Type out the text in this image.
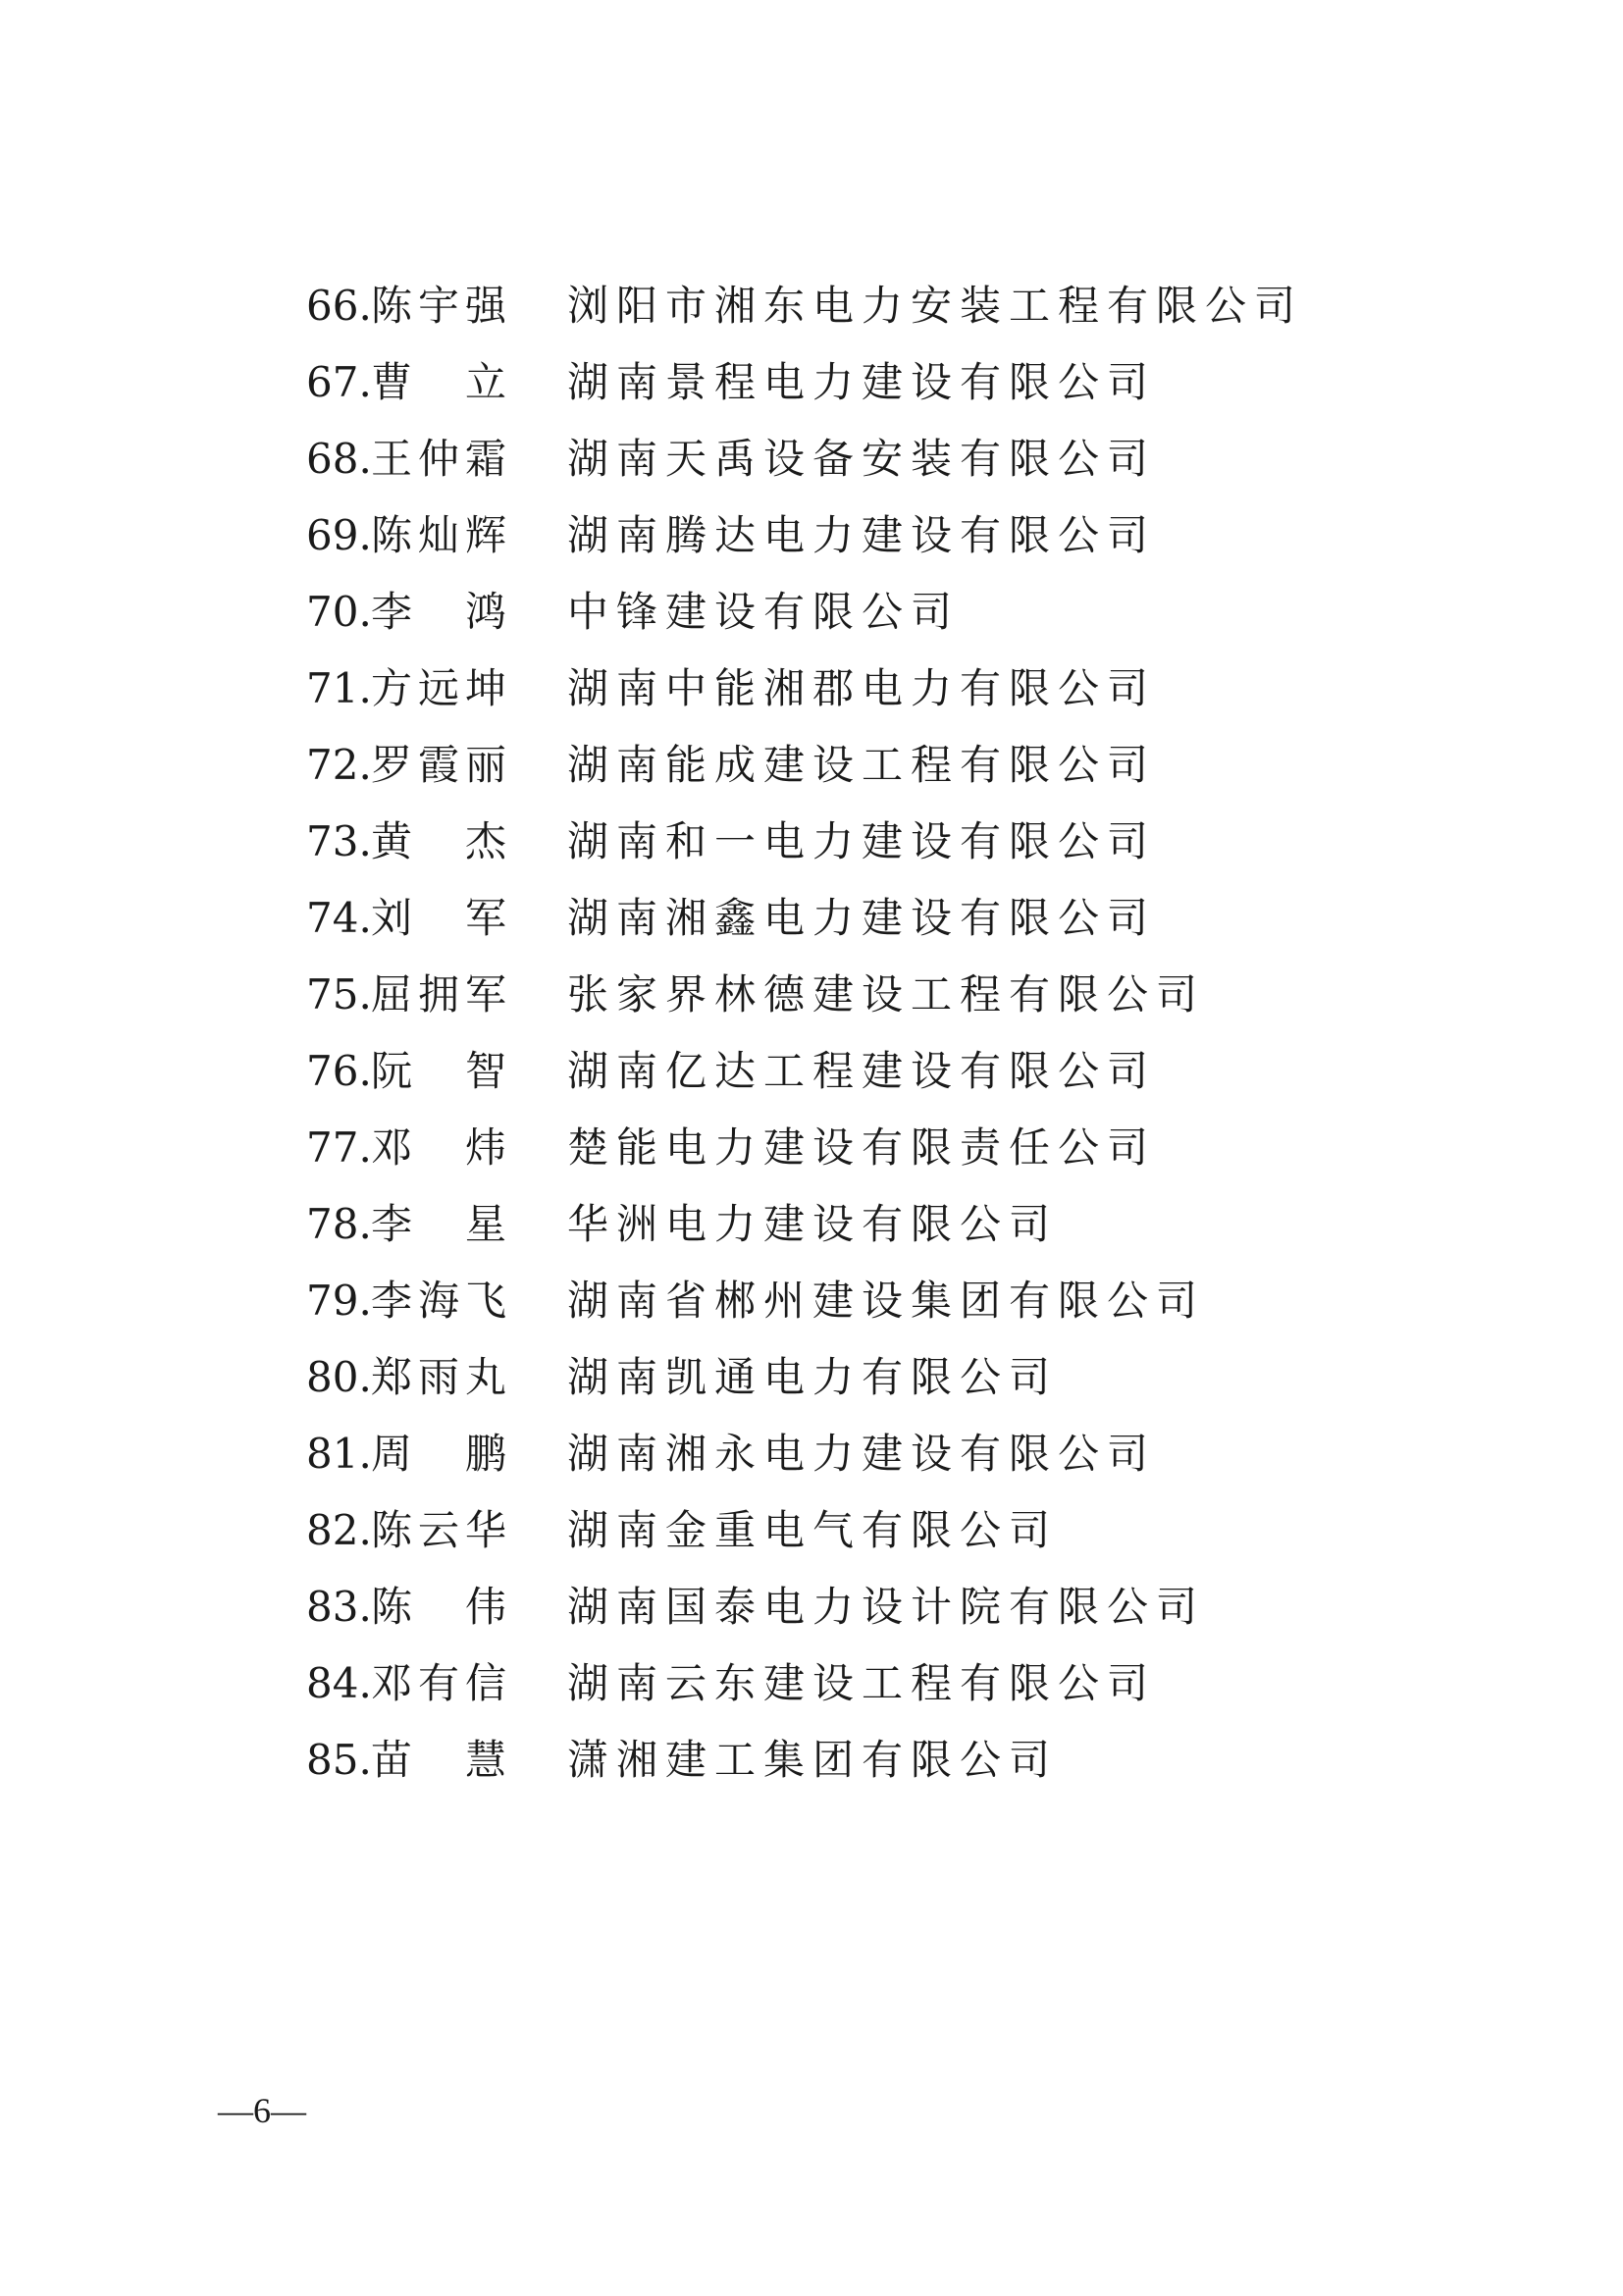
66. 陈宇强	浏阳市湘东电力安装工程有限公司
67. 曹　立	湖南景程电力建设有限公司
68. 王仲霜	湖南天禹设备安装有限公司
69. 陈灿辉	湖南腾达电力建设有限公司
70. 李　鸿	中锋建设有限公司
71. 方远坤	湖南中能湘郡电力有限公司
72. 罗霞丽	湖南能成建设工程有限公司
73. 黄　杰	湖南和一电力建设有限公司
74. 刘　军	湖南湘鑫电力建设有限公司
75. 屈拥军	张家界林德建设工程有限公司
76. 阮　智	湖南亿达工程建设有限公司
77. 邓　炜	楚能电力建设有限责任公司
78. 李　星	华洲电力建设有限公司
79. 李海飞	湖南省郴州建设集团有限公司
80. 郑雨丸	湖南凯通电力有限公司
81. 周　鹏	湖南湘永电力建设有限公司
82. 陈云华	湖南金重电气有限公司
83. 陈　伟	湖南国泰电力设计院有限公司
84. 邓有信	湖南云东建设工程有限公司
85. 苗　慧	潇湘建工集团有限公司
—6—
